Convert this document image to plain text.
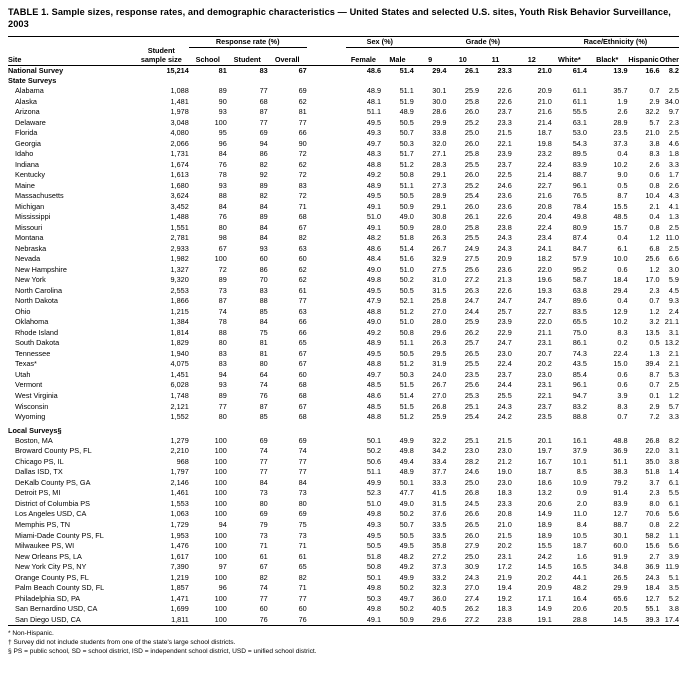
TABLE 1. Sample sizes, response rates, and demographic characteristics — United States and selected U.S. sites, Youth Risk Behavior Surveillance, 2003
		Response rate (%)				Sex (%)		Grade (%)				Race/Ethnicity (%)			
Site	Student
sample size	School	Student	Overall		Female	Male	9	10	11	12	White*	Black*	Hispanic	Other
National Survey	15,214	81	83	67		48.6	51.4	29.4	26.1	23.3	21.0	61.4	13.9	16.6	8.2
State Surveys															
Alabama	1,088	89	77	69		48.9	51.1	30.1	25.9	22.6	20.9	61.1	35.7	0.7	2.5
Alaska	1,481	90	68	62		48.1	51.9	30.0	25.8	22.6	21.0	61.1	1.9	2.9	34.0
Arizona	1,978	93	87	81		51.1	48.9	28.6	26.0	23.7	21.6	55.5	2.6	32.2	9.7
Delaware	3,048	100	77	77		49.5	50.5	29.9	25.2	23.3	21.4	63.1	28.9	5.7	2.3
Florida	4,080	95	69	66		49.3	50.7	33.8	25.0	21.5	18.7	53.0	23.5	21.0	2.5
Georgia	2,066	96	94	90		49.7	50.3	32.0	26.0	22.1	19.8	54.3	37.3	3.8	4.6
Idaho	1,731	84	86	72		48.3	51.7	27.1	25.8	23.9	23.2	89.5	0.4	8.3	1.8
Indiana	1,674	76	82	62		48.8	51.2	28.3	25.5	23.7	22.4	83.9	10.2	2.6	3.3
Kentucky	1,613	78	92	72		49.2	50.8	29.1	26.0	22.5	21.4	88.7	9.0	0.6	1.7
Maine	1,680	93	89	83		48.9	51.1	27.3	25.2	24.6	22.7	96.1	0.5	0.8	2.6
Massachusetts	3,624	88	82	72		49.5	50.5	28.9	25.4	23.6	21.6	76.5	8.7	10.4	4.3
Michigan	3,452	84	84	71		49.1	50.9	29.1	26.0	23.6	20.8	78.4	15.5	2.1	4.1
Mississippi	1,488	76	89	68		51.0	49.0	30.8	26.1	22.6	20.4	49.8	48.5	0.4	1.3
Missouri	1,551	80	84	67		49.1	50.9	28.0	25.8	23.8	22.4	80.9	15.7	0.8	2.5
Montana	2,781	98	84	82		48.2	51.8	26.3	25.5	24.3	23.4	87.4	0.4	1.2	11.0
Nebraska	2,933	67	93	63		48.6	51.4	26.7	24.9	24.3	24.1	84.7	6.1	6.8	2.5
Nevada	1,982	100	60	60		48.4	51.6	32.9	27.5	20.9	18.2	57.9	10.0	25.6	6.6
New Hampshire	1,327	72	86	62		49.0	51.0	27.5	25.6	23.6	22.0	95.2	0.6	1.2	3.0
New York	9,320	89	70	62		49.8	50.2	31.0	27.2	21.3	19.6	58.7	18.4	17.0	5.9
North Carolina	2,553	73	83	61		49.5	50.5	31.5	26.3	22.6	19.3	63.8	29.4	2.3	4.5
North Dakota	1,866	87	88	77		47.9	52.1	25.8	24.7	24.7	24.7	89.6	0.4	0.7	9.3
Ohio	1,215	74	85	63		48.8	51.2	27.0	24.4	25.7	22.7	83.5	12.9	1.2	2.4
Oklahoma	1,384	78	84	66		49.0	51.0	28.0	25.9	23.9	22.0	65.5	10.2	3.2	21.1
Rhode Island	1,814	88	75	66		49.2	50.8	29.6	26.2	22.9	21.1	75.0	8.3	13.5	3.1
South Dakota	1,829	80	81	65		48.9	51.1	26.3	25.7	24.7	23.1	86.1	0.2	0.5	13.2
Tennessee	1,940	83	81	67		49.5	50.5	29.5	26.5	23.0	20.7	74.3	22.4	1.3	2.1
Texas*	4,075	83	80	67		48.8	51.2	31.9	25.5	22.4	20.2	43.5	15.0	39.4	2.1
Utah	1,451	94	64	60		49.7	50.3	24.0	23.5	23.7	23.0	85.4	0.6	8.7	5.3
Vermont	6,028	93	74	68		48.5	51.5	26.7	25.6	24.4	23.1	96.1	0.6	0.7	2.5
West Virginia	1,748	89	76	68		48.6	51.4	27.0	25.3	25.5	22.1	94.7	3.9	0.1	1.2
Wisconsin	2,121	77	87	67		48.5	51.5	26.8	25.1	24.3	23.7	83.2	8.3	2.9	5.7
Wyoming	1,552	80	85	68		48.8	51.2	25.9	25.4	24.2	23.5	88.8	0.7	7.2	3.3

Local Surveys§															
Boston, MA	1,279	100	69	69		50.1	49.9	32.2	25.1	21.5	20.1	16.1	48.8	26.8	8.2
Broward County PS, FL	2,210	100	74	74		50.2	49.8	34.2	23.0	23.0	19.7	37.9	36.9	22.0	3.1
Chicago PS, IL	968	100	77	77		50.6	49.4	33.4	28.2	21.2	16.7	10.1	51.1	35.0	3.8
Dallas ISD, TX	1,797	100	77	77		51.1	48.9	37.7	24.6	19.0	18.7	8.5	38.3	51.8	1.4
DeKalb County PS, GA	2,146	100	84	84		49.9	50.1	33.3	25.0	23.0	18.6	10.9	79.2	3.7	6.1
Detroit PS, MI	1,461	100	73	73		52.3	47.7	41.5	26.8	18.3	13.2	0.9	91.4	2.3	5.5
District of Columbia PS	1,553	100	80	80		51.0	49.0	31.5	24.5	23.3	20.6	2.0	83.9	8.0	6.1
Los Angeles USD, CA	1,063	100	69	69		49.8	50.2	37.6	26.6	20.8	14.9	11.0	12.7	70.6	5.6
Memphis PS, TN	1,729	94	79	75		49.3	50.7	33.5	26.5	21.0	18.9	8.4	88.7	0.8	2.2
Miami-Dade County PS, FL	1,953	100	73	73		49.5	50.5	33.5	26.0	21.5	18.9	10.5	30.1	58.2	1.1
Milwaukee PS, WI	1,476	100	71	71		50.5	49.5	35.8	27.9	20.2	15.5	18.7	60.0	15.6	5.6
New Orleans PS, LA	1,617	100	61	61		51.8	48.2	27.2	25.0	23.1	24.2	1.6	91.9	2.7	3.9
New York City PS, NY	7,390	97	67	65		50.8	49.2	37.3	30.9	17.2	14.5	16.5	34.8	36.9	11.9
Orange County PS, FL	1,219	100	82	82		50.1	49.9	33.2	24.3	21.9	20.2	44.1	26.5	24.3	5.1
Palm Beach County SD, FL	1,857	96	74	71		49.8	50.2	32.3	27.0	19.4	20.9	48.2	29.9	18.4	3.5
Philadelphia SD, PA	1,471	100	77	77		50.3	49.7	36.0	27.4	19.2	17.1	16.4	65.6	12.7	5.2
San Bernardino USD, CA	1,699	100	60	60		49.8	50.2	40.5	26.2	18.3	14.9	20.6	20.5	55.1	3.8
San Diego USD, CA	1,811	100	76	76		49.1	50.9	29.6	27.2	23.8	19.1	28.8	14.5	39.3	17.4
* Non-Hispanic.
† Survey did not include students from one of the state's large school districts.
§ PS = public school, SD = school district, ISD = independent school district, USD = unified school district.
